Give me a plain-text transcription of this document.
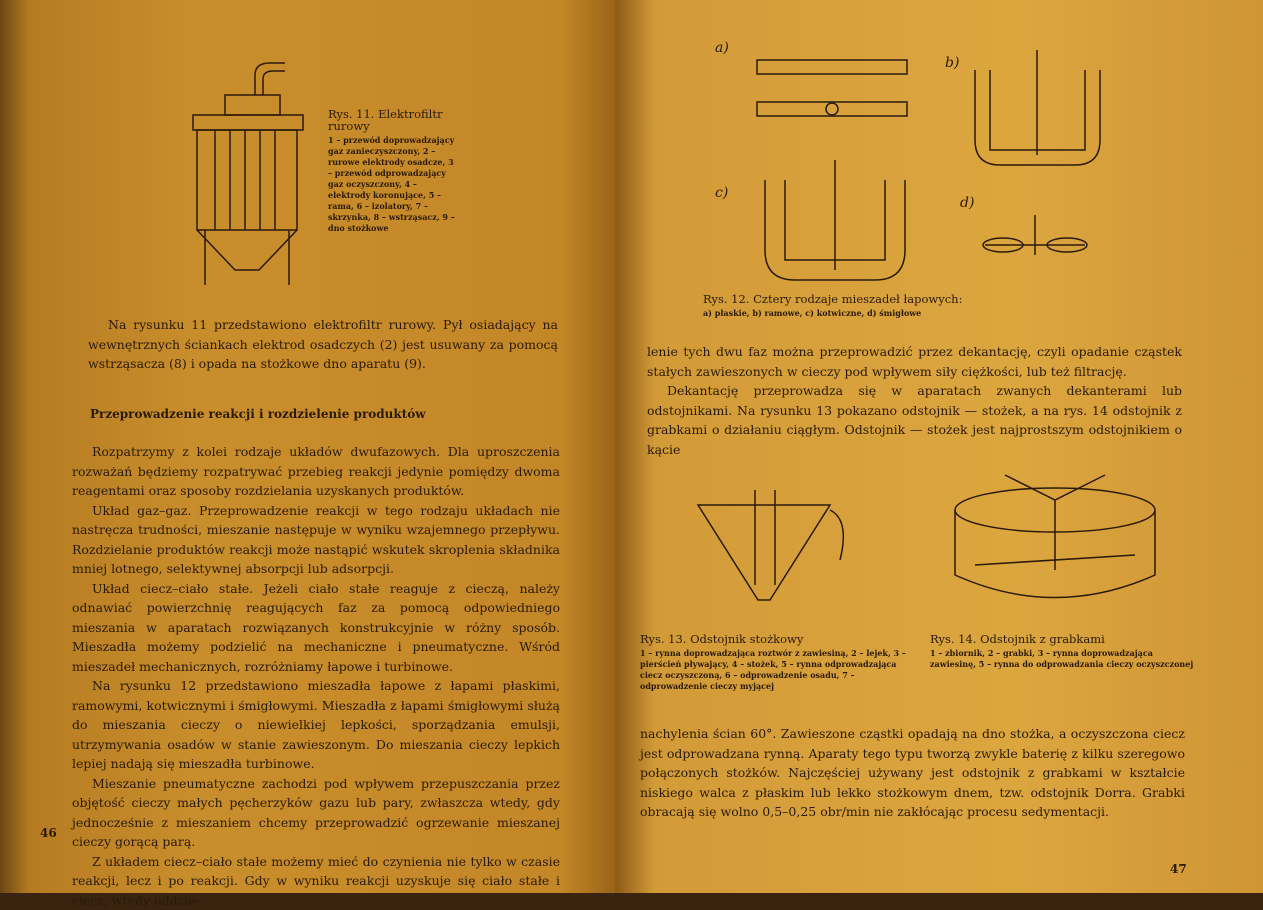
Rys. 11. Elektrofiltr rurowy
1 – przewód doprowadzający gaz zanieczyszczony, 2 – rurowe elektrody osadcze, 3 – przewód odprowadzający gaz oczyszczony, 4 – elektrody koronujące, 5 – rama, 6 – izolatory, 7 – skrzynka, 8 – wstrząsacz, 9 – dno stożkowe

Na rysunku 11 przedstawiono elektrofiltr rurowy. Pył osiadający na wewnętrznych ściankach elektrod osadczych (2) jest usuwany za pomocą wstrząsacza (8) i opada na stożkowe dno aparatu (9).

Przeprowadzenie reakcji i rozdzielenie produktów

Rozpatrzymy z kolei rodzaje układów dwufazowych. Dla uproszczenia rozważań będziemy rozpatrywać przebieg reakcji jedynie pomiędzy dwoma reagentami oraz sposoby rozdzielania uzyskanych produktów.

Układ gaz–gaz. Przeprowadzenie reakcji w tego rodzaju układach nie nastręcza trudności, mieszanie następuje w wyniku wzajemnego przepływu. Rozdzielanie produktów reakcji może nastąpić wskutek skroplenia składnika mniej lotnego, selektywnej absorpcji lub adsorpcji.

Układ ciecz–ciało stałe. Jeżeli ciało stałe reaguje z cieczą, należy odnawiać powierzchnię reagujących faz za pomocą odpowiedniego mieszania w aparatach rozwiązanych konstrukcyjnie w różny sposób. Mieszadła możemy podzielić na mechaniczne i pneumatyczne. Wśród mieszadeł mechanicznych, rozróżniamy łapowe i turbinowe.

Na rysunku 12 przedstawiono mieszadła łapowe z łapami płaskimi, ramowymi, kotwicznymi i śmigłowymi. Mieszadła z łapami śmigłowymi służą do mieszania cieczy o niewielkiej lepkości, sporządzania emulsji, utrzymywania osadów w stanie zawieszonym. Do mieszania cieczy lepkich lepiej nadają się mieszadła turbinowe.

Mieszanie pneumatyczne zachodzi pod wpływem przepuszczania przez objętość cieczy małych pęcherzyków gazu lub pary, zwłaszcza wtedy, gdy jednocześnie z mieszaniem chcemy przeprowadzić ogrzewanie mieszanej cieczy gorącą parą.

Z układem ciecz–ciało stałe możemy mieć do czynienia nie tylko w czasie reakcji, lecz i po reakcji. Gdy w wyniku reakcji uzyskuje się ciało stałe i ciecz, wtedy oddzie-

46
a)
b)
c)
d)
Rys. 12. Cztery rodzaje mieszadeł łapowych:
a) płaskie, b) ramowe, c) kotwiczne, d) śmigłowe

lenie tych dwu faz można przeprowadzić przez dekantację, czyli opadanie cząstek stałych zawieszonych w cieczy pod wpływem siły ciężkości, lub też filtrację.

Dekantację przeprowadza się w aparatach zwanych dekanterami lub odstojnikami. Na rysunku 13 pokazano odstojnik — stożek, a na rys. 14 odstojnik z grabkami o działaniu ciągłym. Odstojnik — stożek jest najprostszym odstojnikiem o kącie

Rys. 13. Odstojnik stożkowy
1 – rynna doprowadzająca roztwór z zawiesiną, 2 – lejek, 3 – pierścień pływający, 4 – stożek, 5 – rynna odprowadzająca ciecz oczyszczoną, 6 – odprowadzenie osadu, 7 – odprowadzenie cieczy myjącej
Rys. 14. Odstojnik z grabkami
1 – zbiornik, 2 – grabki, 3 – rynna doprowadzająca zawiesinę, 5 – rynna do odprowadzania cieczy oczyszczonej

nachylenia ścian 60°. Zawieszone cząstki opadają na dno stożka, a oczyszczona ciecz jest odprowadzana rynną. Aparaty tego typu tworzą zwykle baterię z kilku szeregowo połączonych stożków. Najczęściej używany jest odstojnik z grabkami w kształcie niskiego walca z płaskim lub lekko stożkowym dnem, tzw. odstojnik Dorra. Grabki obracają się wolno 0,5–0,25 obr/min nie zakłócając procesu sedymentacji.

47
